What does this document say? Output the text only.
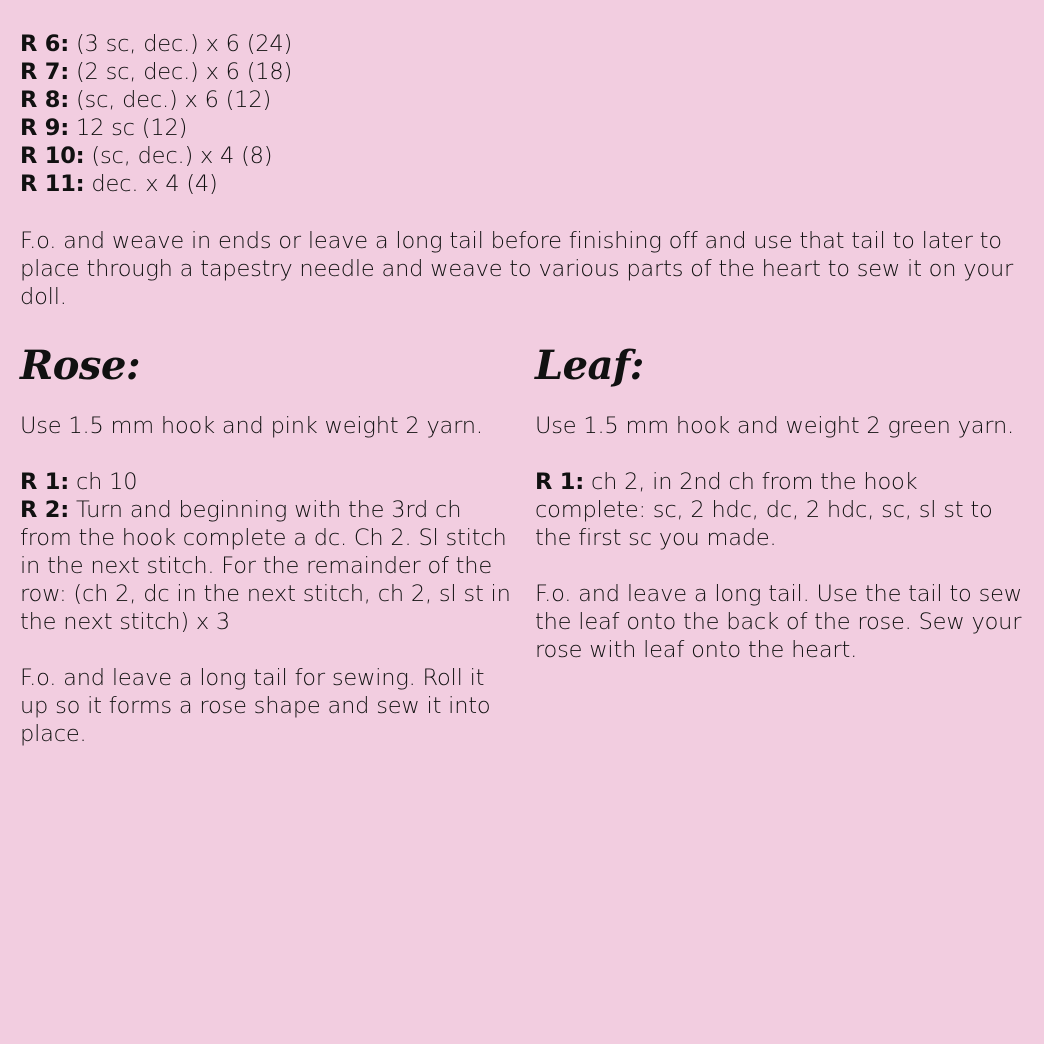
R 6: (3 sc, dec.) x 6 (24)
R 7: (2 sc, dec.) x 6 (18)
R 8: (sc, dec.) x 6 (12)
R 9: 12 sc (12)
R 10: (sc, dec.) x 4 (8)
R 11: dec. x 4 (4)
F.o. and weave in ends or leave a long tail before finishing off and use that tail to later to place through a tapestry needle and weave to various parts of the heart to sew it on your doll.
Rose:

Use 1.5 mm hook and pink weight 2 yarn.

R 1: ch 10
R 2: Turn and beginning with the 3rd ch from the hook complete a dc. Ch 2. Sl stitch in the next stitch. For the remainder of the row: (ch 2, dc in the next stitch, ch 2, sl st in the next stitch) x 3

F.o. and leave a long tail for sewing. Roll it up so it forms a rose shape and sew it into place.

Leaf:

Use 1.5 mm hook and weight 2 green yarn.

R 1: ch 2, in 2nd ch from the hook complete: sc, 2 hdc, dc, 2 hdc, sc, sl st to the first sc you made.

F.o. and leave a long tail. Use the tail to sew the leaf onto the back of the rose. Sew your rose with leaf onto the heart.
